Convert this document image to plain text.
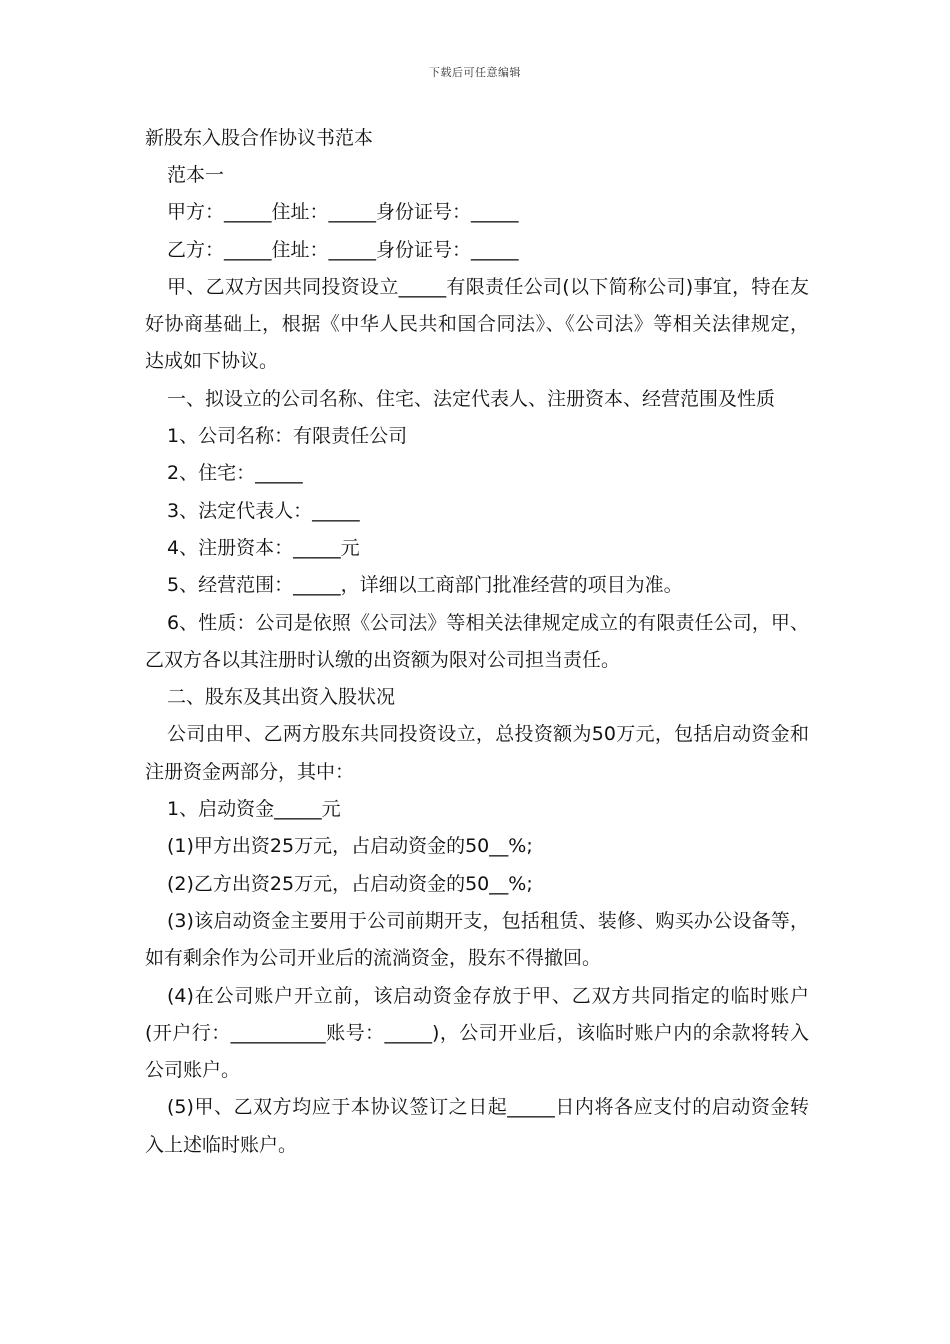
下载后可任意编辑
新股东入股合作协议书范本

范本一

甲方：_____住址：_____身份证号：_____

乙方：_____住址：_____身份证号：_____

甲、乙双方因共同投资设立_____有限责任公司(以下简称公司)事宜，特在友好协商基础上，根据《中华人民共和国合同法》、《公司法》等相关法律规定，达成如下协议。

一、拟设立的公司名称、住宅、法定代表人、注册资本、经营范围及性质

1、公司名称：有限责任公司

2、住宅：_____

3、法定代表人：_____

4、注册资本：_____元

5、经营范围：_____，详细以工商部门批准经营的项目为准。

6、性质：公司是依照《公司法》等相关法律规定成立的有限责任公司，甲、乙双方各以其注册时认缴的出资额为限对公司担当责任。

二、股东及其出资入股状况

公司由甲、乙两方股东共同投资设立，总投资额为50万元，包括启动资金和注册资金两部分，其中：

1、启动资金_____元

(1)甲方出资25万元，占启动资金的50__%;

(2)乙方出资25万元，占启动资金的50__%;

(3)该启动资金主要用于公司前期开支，包括租赁、装修、购买办公设备等，如有剩余作为公司开业后的流淌资金，股东不得撤回。

(4)在公司账户开立前，该启动资金存放于甲、乙双方共同指定的临时账户(开户行：__________账号：_____)，公司开业后，该临时账户内的余款将转入公司账户。

(5)甲、乙双方均应于本协议签订之日起_____日内将各应支付的启动资金转入上述临时账户。
